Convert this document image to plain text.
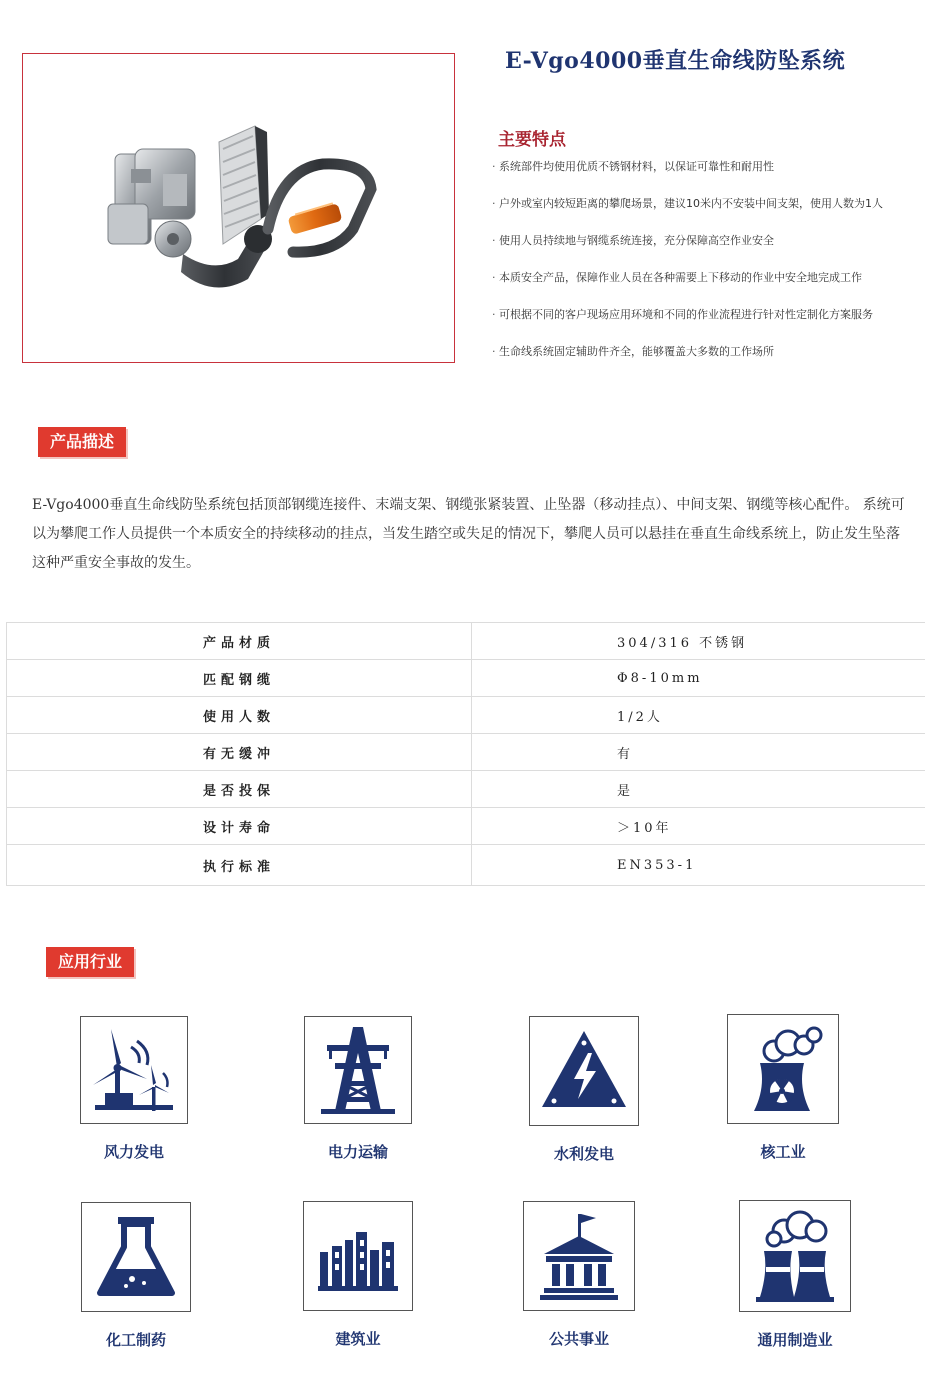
E-Vgo4000垂直生命线防坠系统
主要特点
· 系统部件均使用优质不锈钢材料，以保证可靠性和耐用性
· 户外或室内较短距离的攀爬场景，建议10米内不安装中间支架，使用人数为1人
· 使用人员持续地与钢缆系统连接，充分保障高空作业安全
· 本质安全产品，保障作业人员在各种需要上下移动的作业中安全地完成工作
· 可根据不同的客户现场应用环境和不同的作业流程进行针对性定制化方案服务
· 生命线系统固定辅助件齐全，能够覆盖大多数的工作场所
产品描述

E-Vgo4000垂直生命线防坠系统包括顶部钢缆连接件、末端支架、钢缆张紧装置、止坠器（移动挂点）、中间支架、钢缆等核心配件。 系统可以为攀爬工作人员提供一个本质安全的持续移动的挂点，当发生踏空或失足的情况下，攀爬人员可以悬挂在垂直生命线系统上，防止发生坠落这种严重安全事故的发生。

产品材质	304/316 不锈钢
匹配钢缆	Φ8-10mm
使用人数	1/2人
有无缓冲	有
是否投保	是
设计寿命	＞10年
执行标准	EN353-1
应用行业
风力发电	电力运输	水利发电	核工业
化工制药	建筑业	公共事业	通用制造业
